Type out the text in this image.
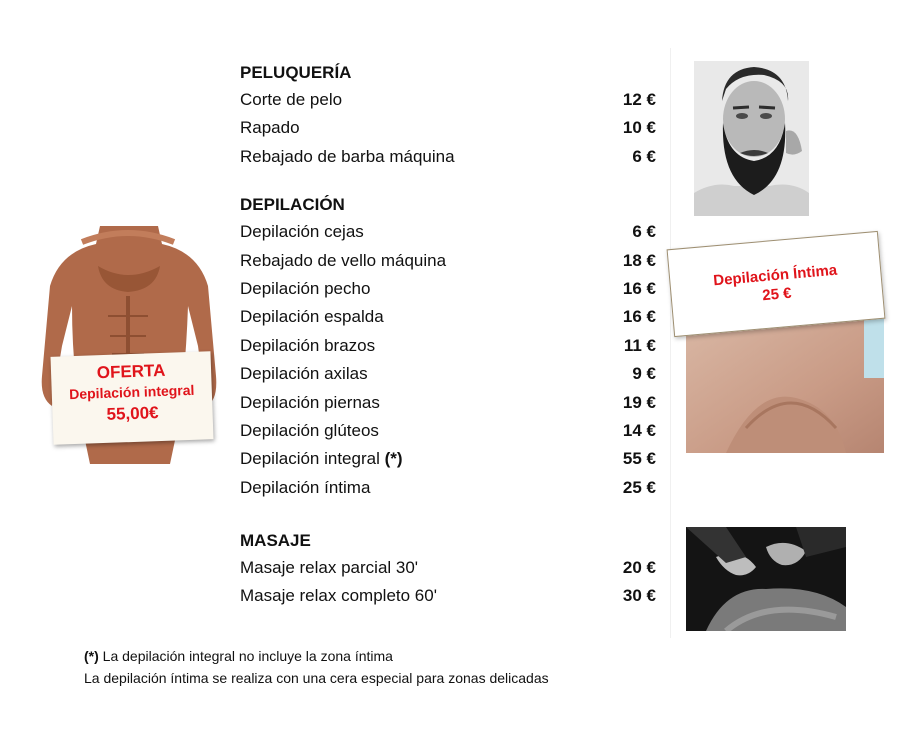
PELUQUERÍA
Corte de pelo	12 €
Rapado	10 €
Rebajado de barba máquina	6 €
DEPILACIÓN
Depilación cejas	6 €
Rebajado de vello máquina	18 €
Depilación pecho	16 €
Depilación espalda	16 €
Depilación brazos	11 €
Depilación axilas	9 €
Depilación piernas	19 €
Depilación glúteos	14 €
Depilación integral (*)	55 €
Depilación íntima	25 €
MASAJE
Masaje relax parcial 30'	20 €
Masaje relax completo 60'	30 €
OFERTA
Depilación integral
55,00€
Depilación Íntima
25 €
(*) La depilación integral no incluye la zona íntima
La depilación íntima se realiza con una cera especial para zonas delicadas
